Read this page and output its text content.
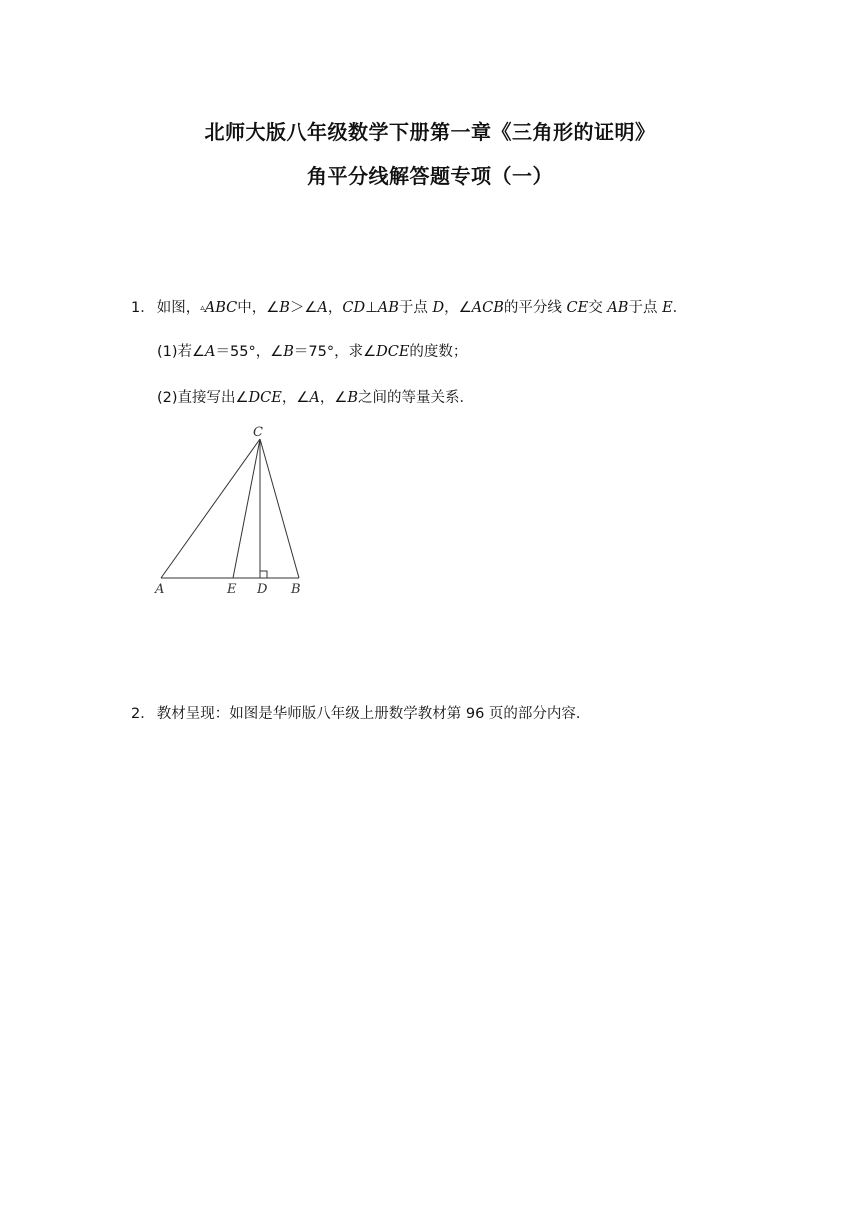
北师大版八年级数学下册第一章《三角形的证明》
角平分线解答题专项（一）

1． 如图，▵ABC中，∠B＞∠A，CD⊥AB于点 D，∠ACB的平分线 CE交 AB于点 E．

(1)若∠A＝55°，∠B＝75°，求∠DCE的度数；

(2)直接写出∠DCE，∠A，∠B之间的等量关系．

C
A	E D B

2． 教材呈现：如图是华师版八年级上册数学教材第 96 页的部分内容．
